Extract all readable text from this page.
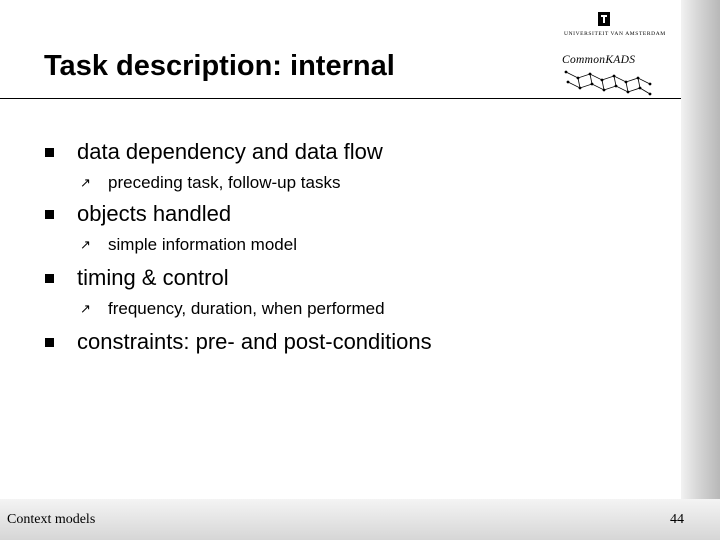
Task description: internal
UNIVERSITEIT VAN AMSTERDAM
CommonKADS
data dependency and data flow
↗ preceding task, follow-up tasks
objects handled
↗ simple information model
timing & control
↗ frequency, duration, when performed
constraints: pre- and post-conditions
Context models	44
